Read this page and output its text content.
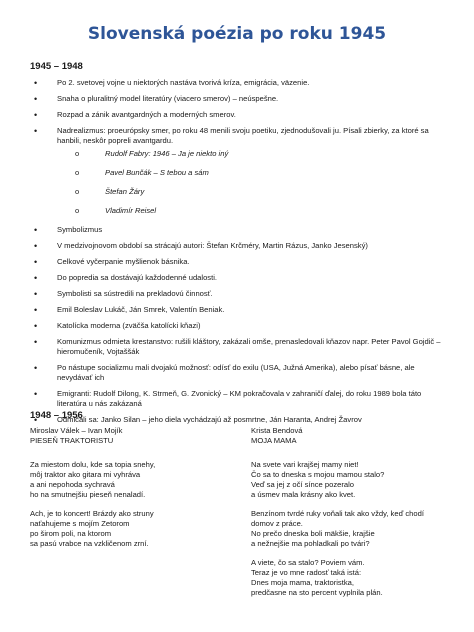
Slovenská poézia po roku 1945
1945 – 1948
• Po 2. svetovej vojne u niektorých nastáva tvorivá kríza, emigrácia, väzenie.
• Snaha o pluralitný model literatúry (viacero smerov) – neúspešne.
• Rozpad a zánik avantgardných a moderných smerov.
• Nadrealizmus: proeurópsky smer, po roku 48 menili svoju poetiku, zjednodušovali ju. Písali zbierky, za ktoré sa hanbili, neskôr popreli avantgardu.
o Rudolf Fabry: 1946 – Ja je niekto iný
o Pavel Bunčák – S tebou a sám
o Štefan Žáry
o Vladimír Reisel
• Symbolizmus
• V medzivojnovom období sa strácajú autori: Štefan Krčméry, Martin Rázus, Janko Jesenský)
• Celkové vyčerpanie myšlienok básnika.
• Do popredia sa dostávajú každodenné udalosti.
• Symbolisti sa sústredili na prekladovú činnosť.
• Emil Boleslav Lukáč, Ján Smrek, Valentín Beniak.
• Katolícka moderna (zväčša katolícki kňazi)
• Komunizmus odmieta krestanstvo: rušili kláštory, zakázali omše, prenasledovali kňazov napr. Peter Pavol Gojdič – hieromučeník, Vojtaššák
• Po nástupe socializmu mali dvojakú možnosť: odísť do exilu (USA, Južná Amerika), alebo písať básne, ale nevydávať ich
• Emigranti: Rudolf Dilong, K. Strmeň, G. Zvonický – KM pokračovala v zahraničí ďalej, do roku 1989 bola táto literatúra u nás zakázaná
• Odmlčali sa: Janko Silan – jeho diela vychádzajú až posmrtne, Ján Haranta, Andrej Žavrov
1948 – 1956

Miroslav Válek – Ivan Mojík

PIESEŇ TRAKTORISTU

Za miestom dolu, kde sa topia snehy,
môj traktor ako gitara mi vyhráva
a ani nepohoda sychravá
ho na smutnejšiu pieseň nenaladí.
Ach, je to koncert! Brázdy ako struny
naťahujeme s mojím Zetorom
po širom poli, na ktorom
sa pasú vrabce na vzkličenom zrní.

Krista Bendová

MOJA MAMA

Na svete vari krajšej mamy niet!
Čo sa to dneska s mojou mamou stalo?
Veď sa jej z očí sínce pozeralo
a úsmev mala krásny ako kvet.
Benzínom tvrdé ruky voňali tak ako vždy, keď chodí
domov z práce.
No prečo dneska boli mäkšie, krajšie
a nežnejšie ma pohladkali po tvári?
A viete, čo sa stalo? Poviem vám.
Teraz je vo mne radosť taká istá:
Dnes moja mama, traktoristka,
predčasne na sto percent vyplnila plán.
